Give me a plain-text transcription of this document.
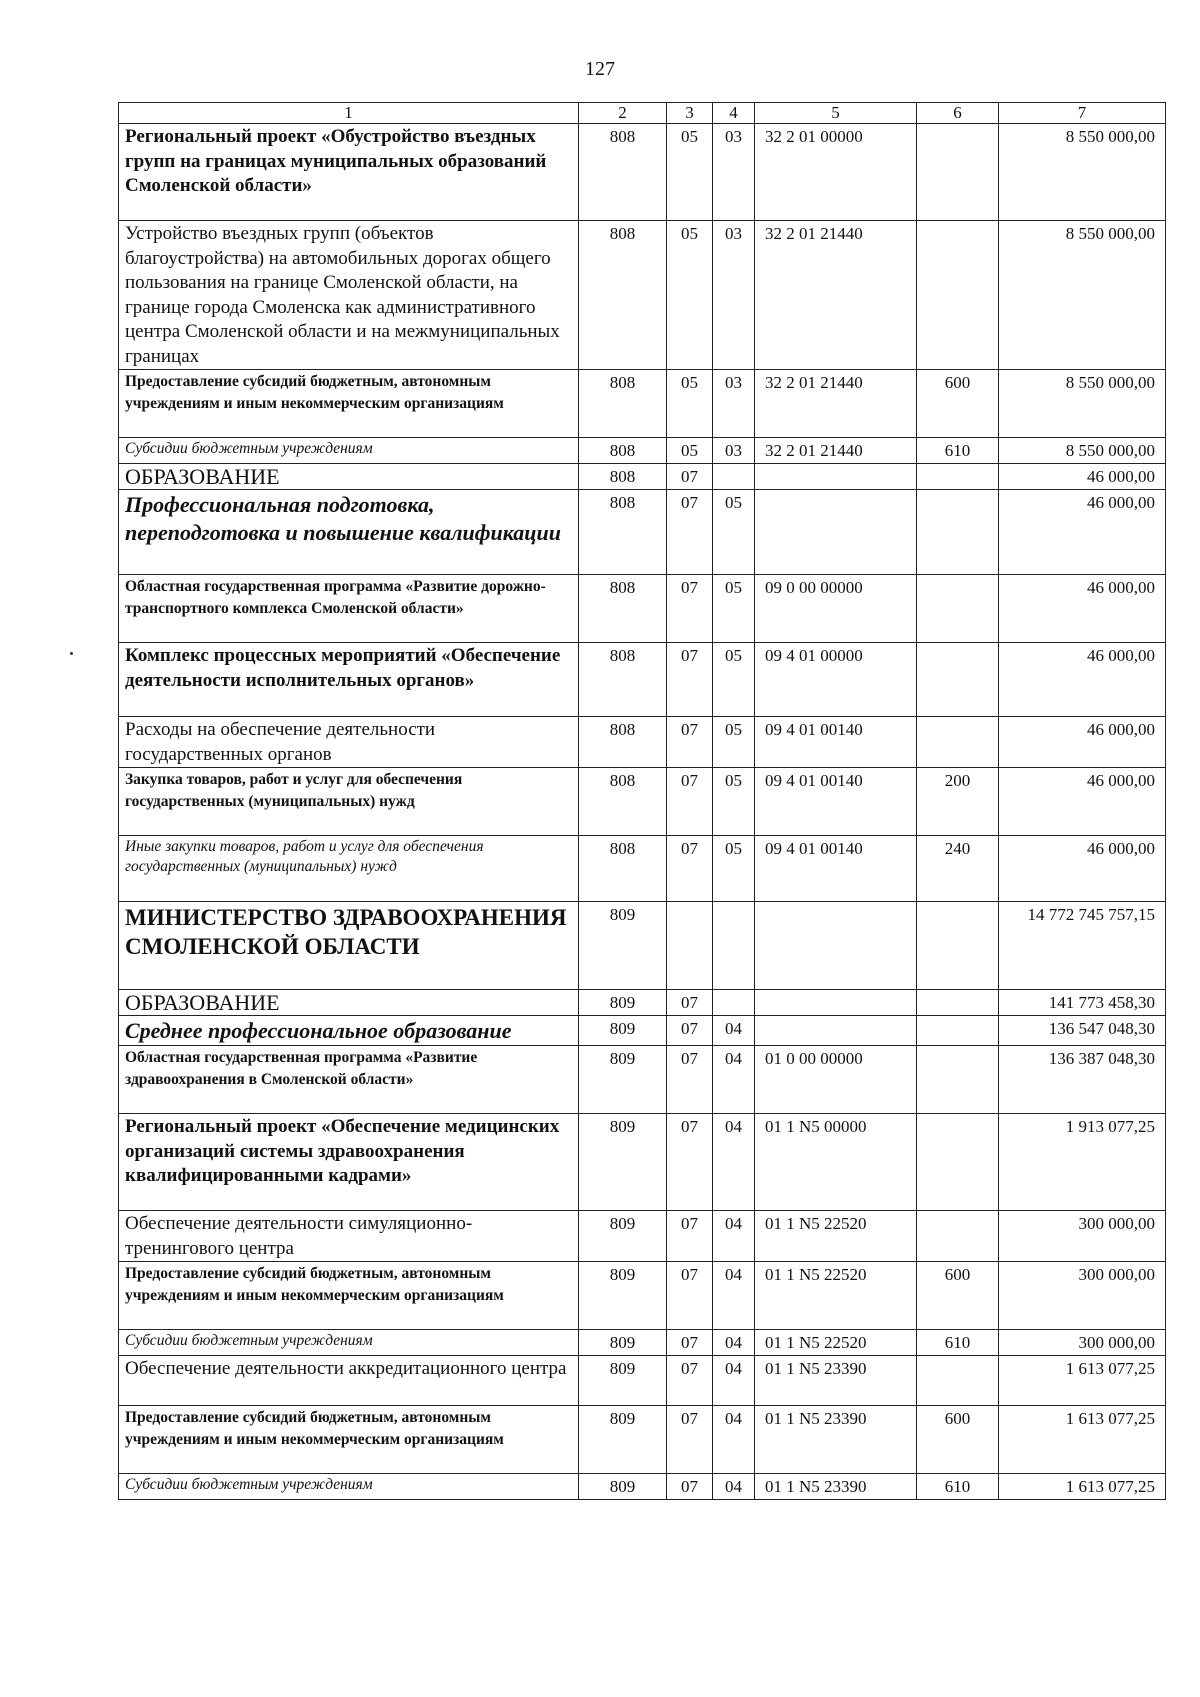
127
1	2	3	4	5	6	7
Региональный проект «Обустройство въездных групп на границах муниципальных образований Смоленской области»	808	05	03	32 2 01 00000		8 550 000,00
Устройство въездных групп (объектов благоустройства) на автомобильных дорогах общего пользования на границе Смоленской области, на границе города Смоленска как административного центра Смоленской области и на межмуниципальных границах	808	05	03	32 2 01 21440		8 550 000,00
Предоставление субсидий бюджетным, автономным учреждениям и иным некоммерческим организациям	808	05	03	32 2 01 21440	600	8 550 000,00
Субсидии бюджетным учреждениям	808	05	03	32 2 01 21440	610	8 550 000,00
ОБРАЗОВАНИЕ	808	07				46 000,00
Профессиональная подготовка, переподготовка и повышение квалификации	808	07	05			46 000,00
Областная государственная программа «Развитие дорожно-транспортного комплекса Смоленской области»	808	07	05	09 0 00 00000		46 000,00
Комплекс процессных мероприятий «Обеспечение деятельности исполнительных органов»	808	07	05	09 4 01 00000		46 000,00
Расходы на обеспечение деятельности государственных органов	808	07	05	09 4 01 00140		46 000,00
Закупка товаров, работ и услуг для обеспечения государственных (муниципальных) нужд	808	07	05	09 4 01 00140	200	46 000,00
Иные закупки товаров, работ и услуг для обеспечения государственных (муниципальных) нужд	808	07	05	09 4 01 00140	240	46 000,00
МИНИСТЕРСТВО ЗДРАВООХРАНЕНИЯ СМОЛЕНСКОЙ ОБЛАСТИ	809					14 772 745 757,15
ОБРАЗОВАНИЕ	809	07				141 773 458,30
Среднее профессиональное образование	809	07	04			136 547 048,30
Областная государственная программа «Развитие здравоохранения в Смоленской области»	809	07	04	01 0 00 00000		136 387 048,30
Региональный проект «Обеспечение медицинских организаций системы здравоохранения квалифицированными кадрами»	809	07	04	01 1 N5 00000		1 913 077,25
Обеспечение деятельности симуляционно-тренингового центра	809	07	04	01 1 N5 22520		300 000,00
Предоставление субсидий бюджетным, автономным учреждениям и иным некоммерческим организациям	809	07	04	01 1 N5 22520	600	300 000,00
Субсидии бюджетным учреждениям	809	07	04	01 1 N5 22520	610	300 000,00
Обеспечение деятельности аккредитационного центра	809	07	04	01 1 N5 23390		1 613 077,25
Предоставление субсидий бюджетным, автономным учреждениям и иным некоммерческим организациям	809	07	04	01 1 N5 23390	600	1 613 077,25
Субсидии бюджетным учреждениям	809	07	04	01 1 N5 23390	610	1 613 077,25
